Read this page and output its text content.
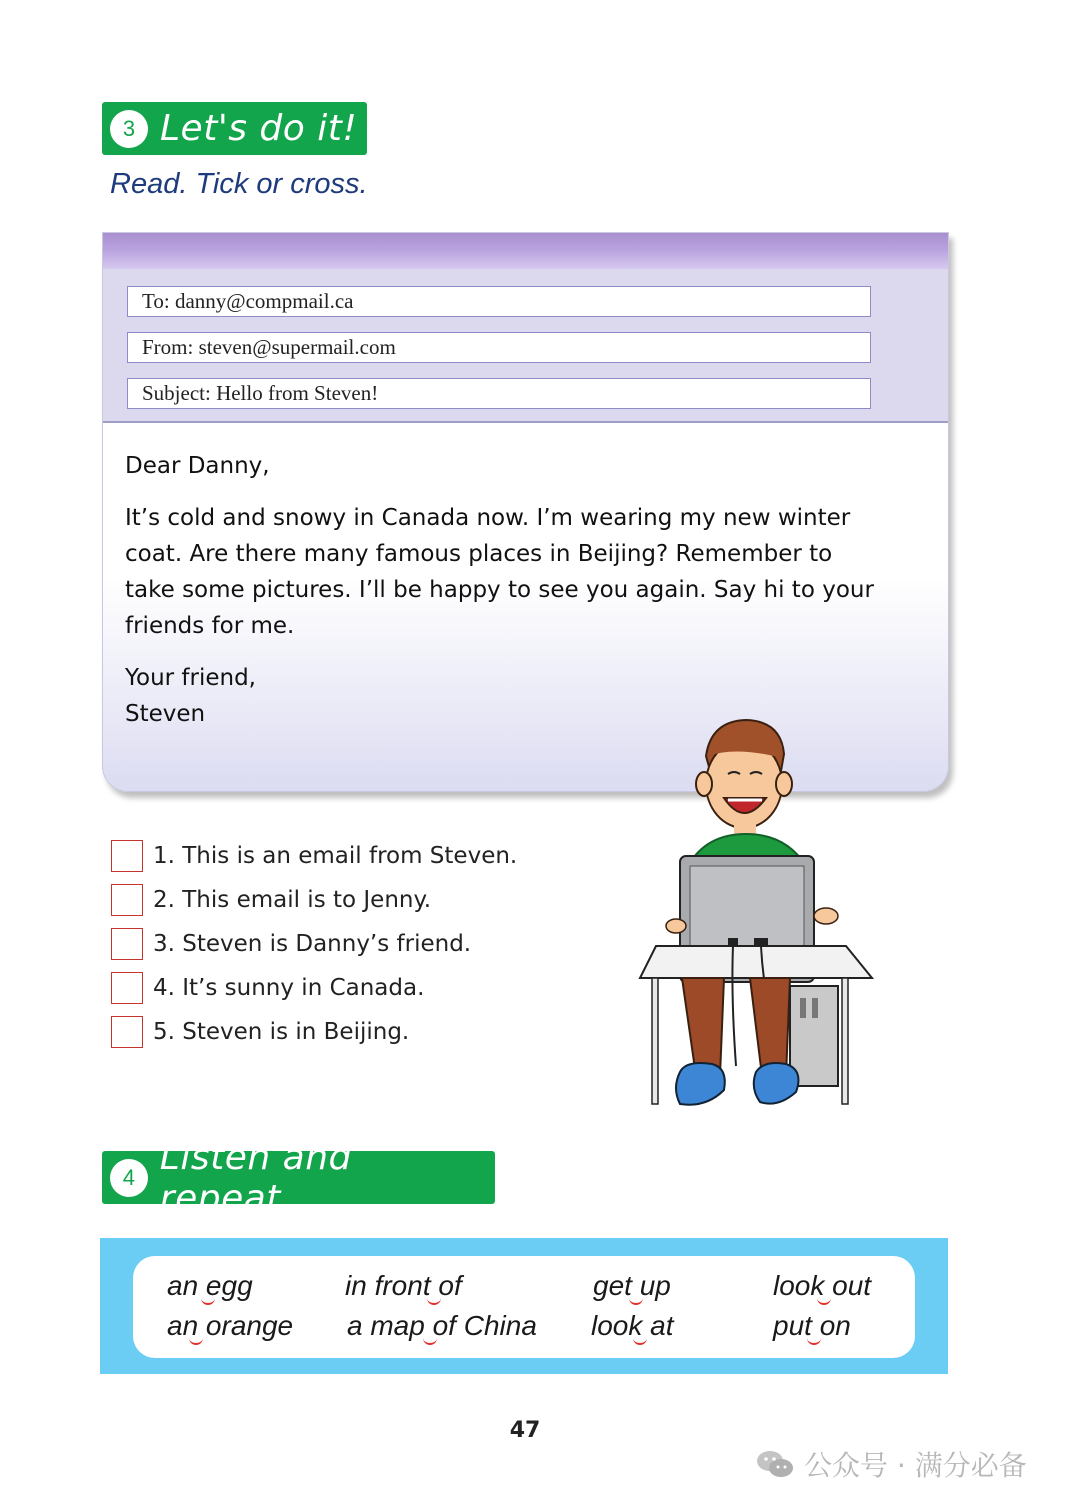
3 Let's do it!
Read. Tick or cross.
To: danny@compmail.ca
From: steven@supermail.com
Subject: Hello from Steven!
Dear Danny,
It’s cold and snowy in Canada now. I’m wearing my new winter
coat. Are there many famous places in Beijing? Remember to
take some pictures. I’ll be happy to see you again. Say hi to your
friends for me.
Your friend,
Steven
1. This is an email from Steven.
2. This email is to Jenny.
3. Steven is Danny’s friend.
4. It’s sunny in Canada.
5. Steven is in Beijing.
4 Listen and repeat.
an egg
an orange
in front of
a map of China
get up
look at
look out
put on
47
公众号 · 满分必备
